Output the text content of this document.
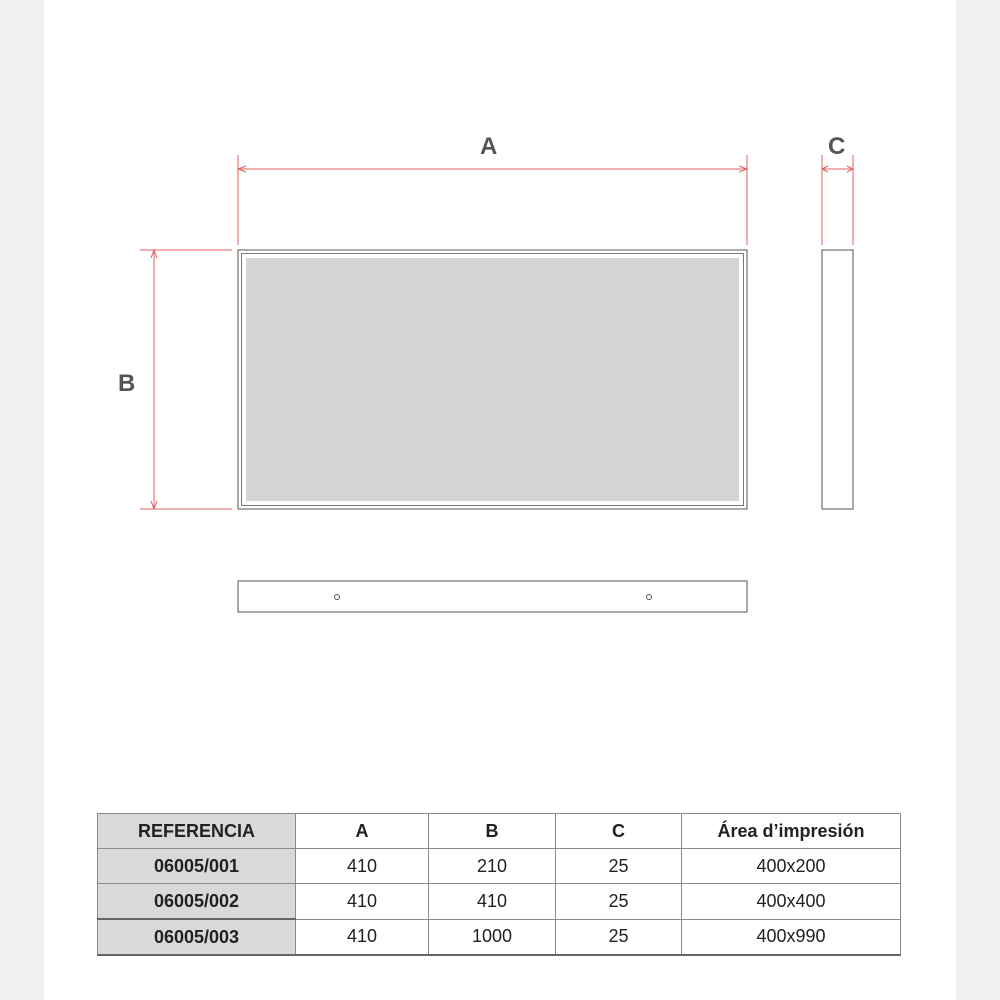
A	C
B
REFERENCIA	A	B	C	Área d’impresión
06005/001	410	210	25	400x200
06005/002	410	410	25	400x400
06005/003	410	1000	25	400x990
